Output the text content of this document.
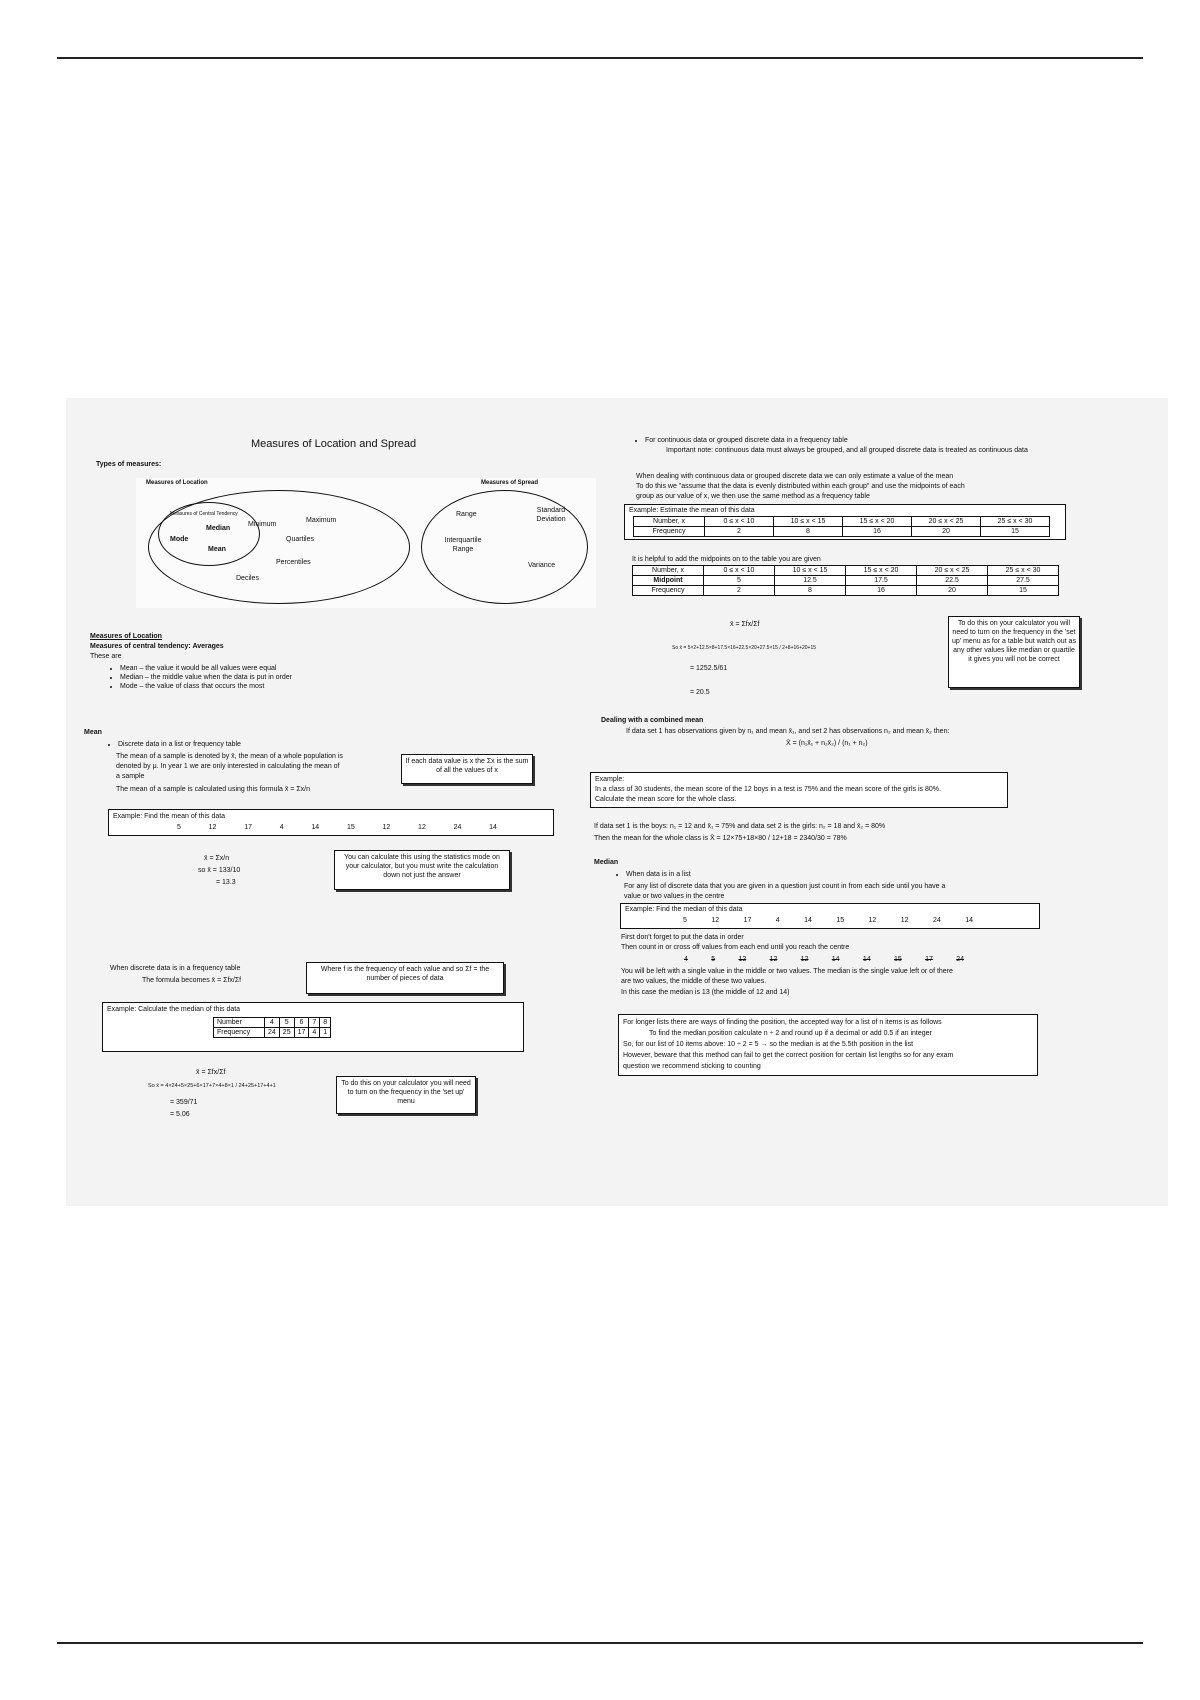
Measures of Location and Spread
Types of measures:
Measures of Location	Measures of Spread
Measures of Central Tendency
Median
Mode
Mean
Minimum
Maximum
Quartiles
Percentiles
Deciles
Range
Standard Deviation
Interquartile Range
Variance
Measures of Location
Measures of central tendency: Averages
These are
• Mean – the value it would be all values were equal
• Median – the middle value when the data is put in order
• Mode – the value of class that occurs the most
Mean
• Discrete data in a list or frequency table
The mean of a sample is denoted by x̄, the mean of a whole population is
denoted by μ. In year 1 we are only interested in calculating the mean of
a sample
The mean of a sample is calculated using this formula x̄ = Σx/n
If each data value is x the Σx is the sum of all the values of x
Example: Find the mean of this data
5	12	17	4	14	15	12	12	24	14
x̄ = Σx/n
so x̄ = 133/10
= 13.3
You can calculate this using the statistics mode on your calculator, but you must write the calculation down not just the answer
When discrete data is in a frequency table
The formula becomes x̄ = Σfx/Σf
Where f is the frequency of each value and so Σf = the number of pieces of data
Example: Calculate the median of this data
Number	4	5	6	7	8
Frequency	24	25	17	4	1
x̄ = Σfx/Σf
So x̄ = 4×24+5×25+6×17+7×4+8×1 / 24+25+17+4+1
= 359/71
= 5.06
To do this on your calculator you will need to turn on the frequency in the 'set up' menu
• For continuous data or grouped discrete data in a frequency table
Important note: continuous data must always be grouped, and all grouped discrete data is treated as continuous data
When dealing with continuous data or grouped discrete data we can only estimate a value of the mean
To do this we "assume that the data is evenly distributed within each group" and use the midpoints of each
group as our value of x, we then use the same method as a frequency table
Example: Estimate the mean of this data
Number, x	0 ≤ x < 10	10 ≤ x < 15	15 ≤ x < 20	20 ≤ x < 25	25 ≤ x < 30
Frequency	2	8	16	20	15
It is helpful to add the midpoints on to the table you are given
Number, x	0 ≤ x < 10	10 ≤ x < 15	15 ≤ x < 20	20 ≤ x < 25	25 ≤ x < 30
Midpoint	5	12.5	17.5	22.5	27.5
Frequency	2	8	16	20	15
x̄ = Σfx/Σf
So x̄ = 5×2+12.5×8+17.5×16+22.5×20+27.5×15 / 2+8+16+20+15
= 1252.5/61
= 20.5
To do this on your calculator you will need to turn on the frequency in the 'set up' menu as for a table but watch out as any other values like median or quartile it gives you will not be correct
Dealing with a combined mean
If data set 1 has observations given by n₁ and mean x̄₁, and set 2 has observations n₂ and mean x̄₂ then:
X̄ = (n₁x̄₁ + n₂x̄₂) / (n₁ + n₂)
Example:
In a class of 30 students, the mean score of the 12 boys in a test is 75% and the mean score of the girls is 80%.
Calculate the mean score for the whole class.
If data set 1 is the boys: n₁ = 12 and x̄₁ = 75% and data set 2 is the girls: n₂ = 18 and x̄₂ = 80%
Then the mean for the whole class is X̄ = 12×75+18×80 / 12+18 = 2340/30 = 78%
Median
• When data is in a list
For any list of discrete data that you are given in a question just count in from each side until you have a
value or two values in the centre
Example: Find the median of this data
5	12	17	4	14	15	12	12	24	14
First don't forget to put the data in order
Then count in or cross off values from each end until you reach the centre
4	5	12	12	12	14	14	15	17	24
You will be left with a single value in the middle or two values. The median is the single value left or of there
are two values, the middle of these two values.
In this case the median is 13 (the middle of 12 and 14)
For longer lists there are ways of finding the position, the accepted way for a list of n items is as follows
To find the median position calculate n ÷ 2 and round up if a decimal or add 0.5 if an integer
So, for our list of 10 items above: 10 ÷ 2 = 5 → so the median is at the 5.5th position in the list
However, beware that this method can fail to get the correct position for certain list lengths so for any exam
question we recommend sticking to counting
